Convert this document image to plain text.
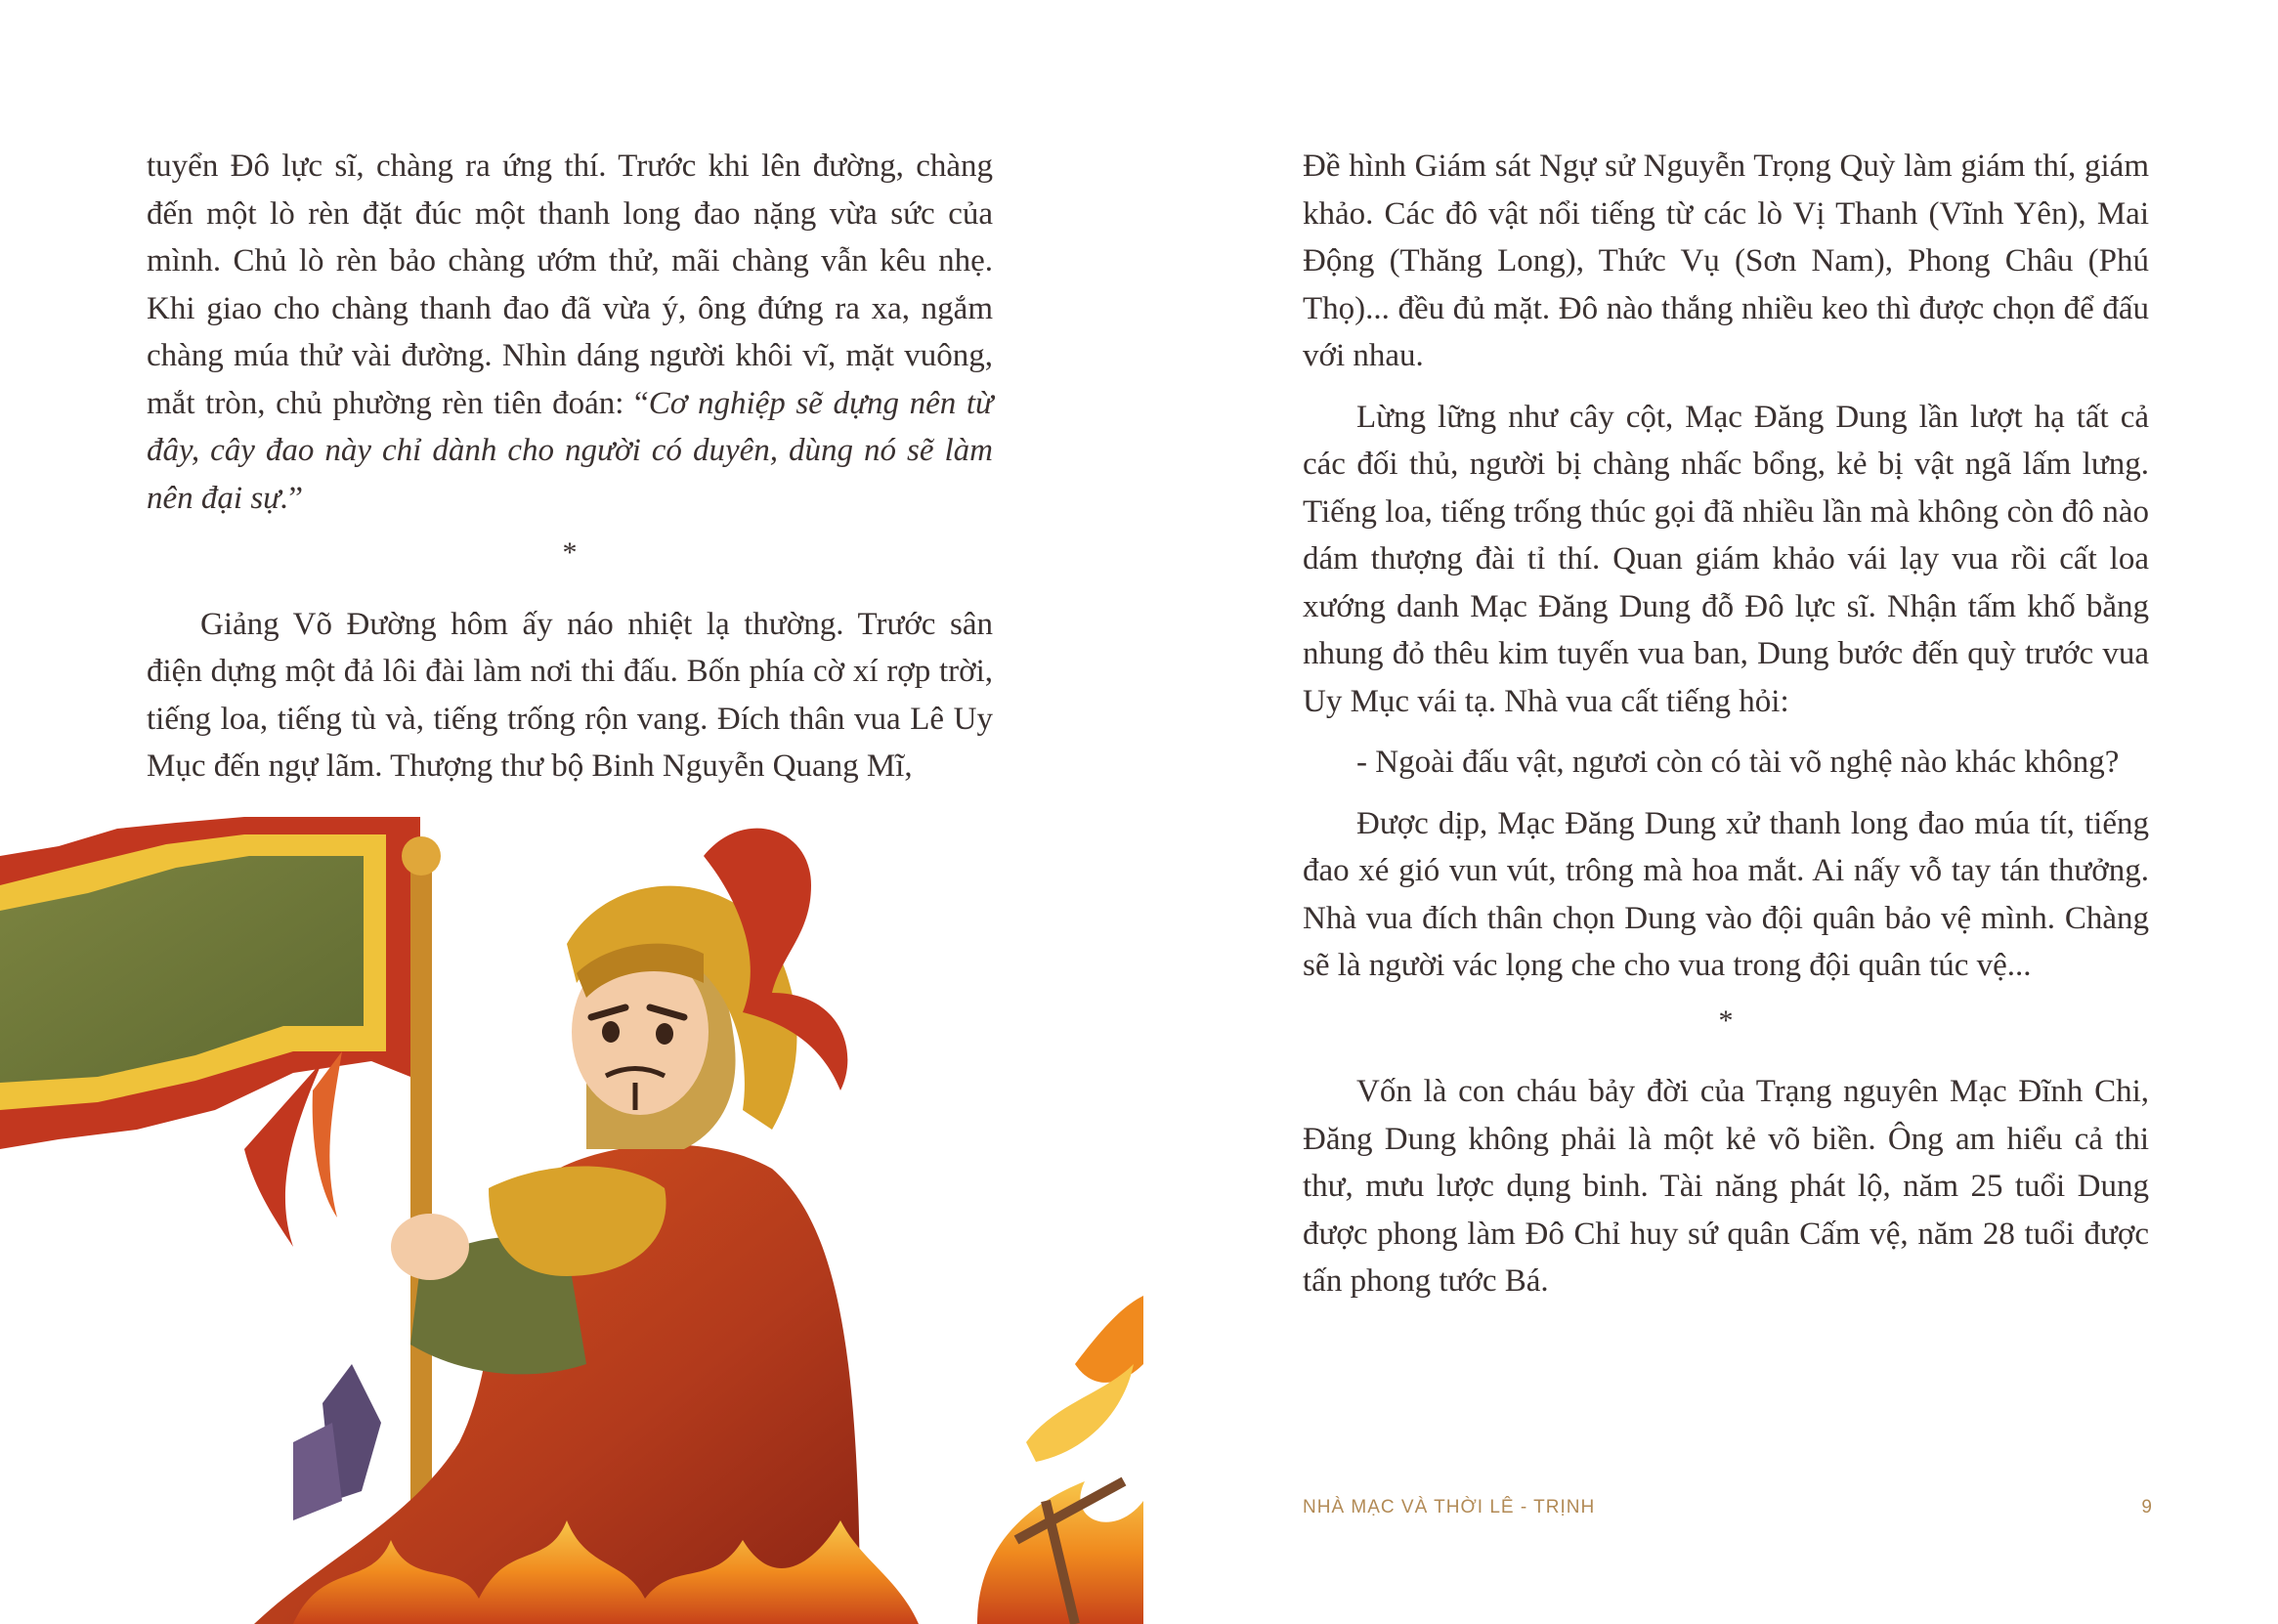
tuyển Đô lực sĩ, chàng ra ứng thí. Trước khi lên đường, chàng đến một lò rèn đặt đúc một thanh long đao nặng vừa sức của mình. Chủ lò rèn bảo chàng ướm thử, mãi chàng vẫn kêu nhẹ. Khi giao cho chàng thanh đao đã vừa ý, ông đứng ra xa, ngắm chàng múa thử vài đường. Nhìn dáng người khôi vĩ, mặt vuông, mắt tròn, chủ phường rèn tiên đoán: “Cơ nghiệp sẽ dựng nên từ đây, cây đao này chỉ dành cho người có duyên, dùng nó sẽ làm nên đại sự.”

*

Giảng Võ Đường hôm ấy náo nhiệt lạ thường. Trước sân điện dựng một đả lôi đài làm nơi thi đấu. Bốn phía cờ xí rợp trời, tiếng loa, tiếng tù và, tiếng trống rộn vang. Đích thân vua Lê Uy Mục đến ngự lãm. Thượng thư bộ Binh Nguyễn Quang Mĩ,

Đề hình Giám sát Ngự sử Nguyễn Trọng Quỳ làm giám thí, giám khảo. Các đô vật nổi tiếng từ các lò Vị Thanh (Vĩnh Yên), Mai Động (Thăng Long), Thức Vụ (Sơn Nam), Phong Châu (Phú Thọ)... đều đủ mặt. Đô nào thắng nhiều keo thì được chọn để đấu với nhau.

Lừng lững như cây cột, Mạc Đăng Dung lần lượt hạ tất cả các đối thủ, người bị chàng nhấc bổng, kẻ bị vật ngã lấm lưng. Tiếng loa, tiếng trống thúc gọi đã nhiều lần mà không còn đô nào dám thượng đài tỉ thí. Quan giám khảo vái lạy vua rồi cất loa xướng danh Mạc Đăng Dung đỗ Đô lực sĩ. Nhận tấm khố bằng nhung đỏ thêu kim tuyến vua ban, Dung bước đến quỳ trước vua Uy Mục vái tạ. Nhà vua cất tiếng hỏi:

- Ngoài đấu vật, ngươi còn có tài võ nghệ nào khác không?

Được dịp, Mạc Đăng Dung xử thanh long đao múa tít, tiếng đao xé gió vun vút, trông mà hoa mắt. Ai nấy vỗ tay tán thưởng. Nhà vua đích thân chọn Dung vào đội quân bảo vệ mình. Chàng sẽ là người vác lọng che cho vua trong đội quân túc vệ...

*

Vốn là con cháu bảy đời của Trạng nguyên Mạc Đĩnh Chi, Đăng Dung không phải là một kẻ võ biền. Ông am hiểu cả thi thư, mưu lược dụng binh. Tài năng phát lộ, năm 25 tuổi Dung được phong làm Đô Chỉ huy sứ quân Cấm vệ, năm 28 tuổi được tấn phong tước Bá.

NHÀ MẠC VÀ THỜI LÊ - TRỊNH	9
